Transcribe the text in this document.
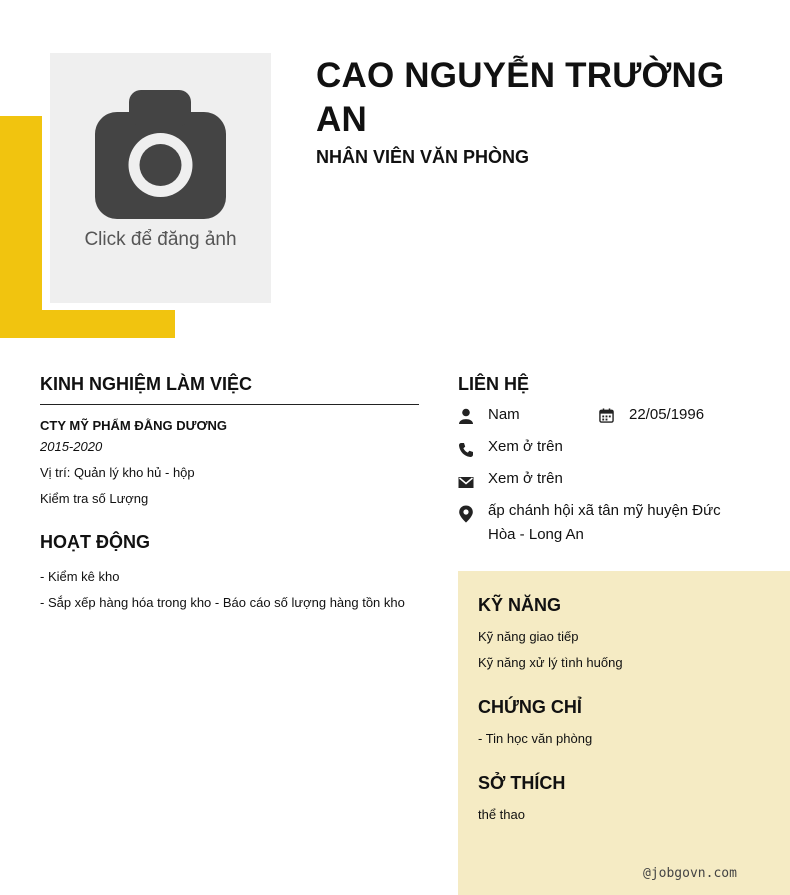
Click để đăng ảnh
CAO NGUYỄN TRƯỜNG AN
NHÂN VIÊN VĂN PHÒNG
KINH NGHIỆM LÀM VIỆC
CTY MỸ PHẨM ĐẰNG DƯƠNG
2015-2020
Vị trí: Quản lý kho hủ - hộp
Kiểm tra số Lượng
HOẠT ĐỘNG
- Kiểm kê kho
- Sắp xếp hàng hóa trong kho - Báo cáo số lượng hàng tồn kho
LIÊN HỆ
Nam	22/05/1996
Xem ở trên
Xem ở trên
ấp chánh hội xã tân mỹ huyện Đức Hòa - Long An
KỸ NĂNG
Kỹ năng giao tiếp
Kỹ năng xử lý tình huống
CHỨNG CHỈ
- Tin học văn phòng
SỞ THÍCH
thể thao
@jobgovn.com
